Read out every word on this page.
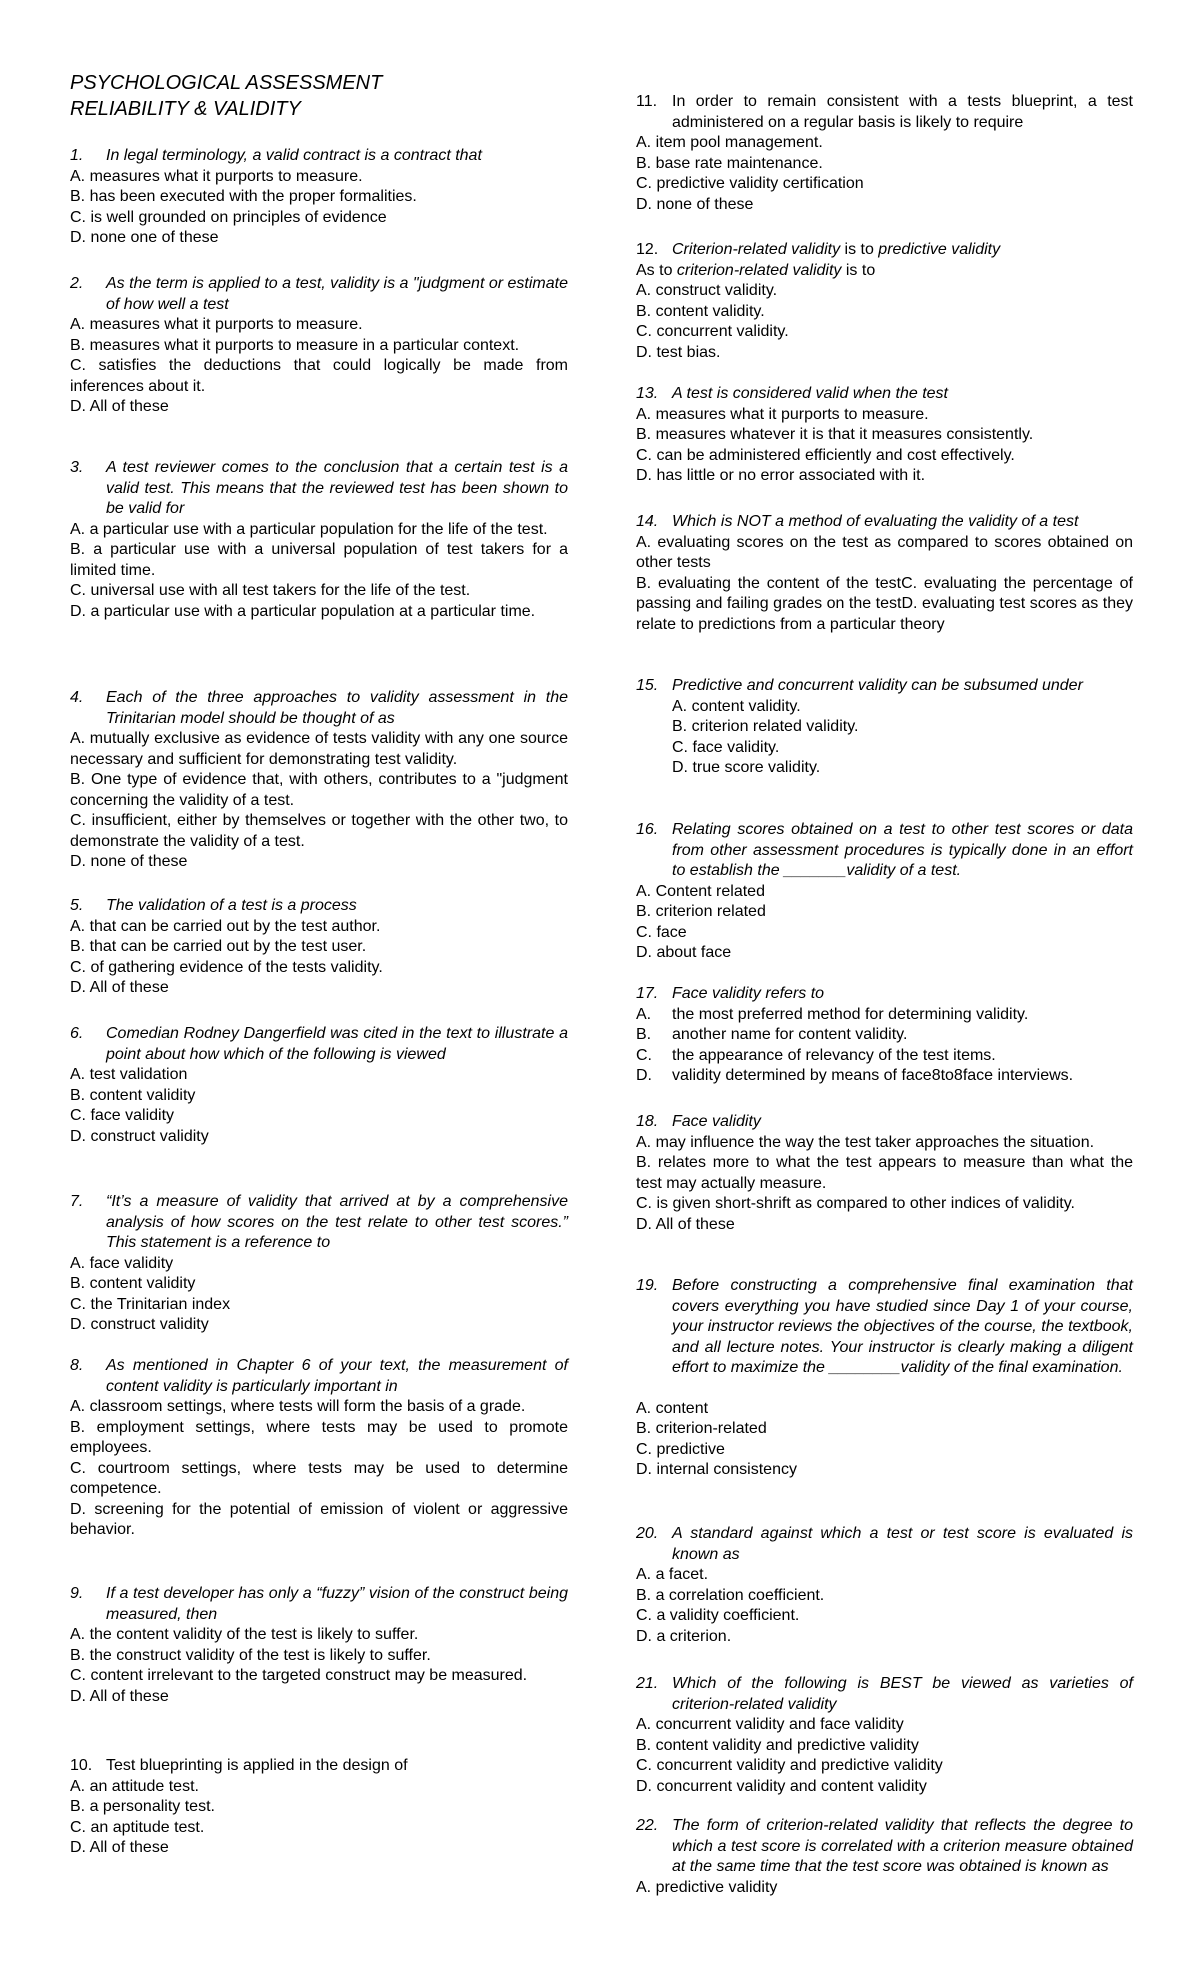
PSYCHOLOGICAL ASSESSMENT
RELIABILITY & VALIDITY
1.	In legal terminology, a valid contract is a contract that
A. measures what it purports to measure.
B. has been executed with the proper formalities.
C. is well grounded on principles of evidence
D. none one of these
2.	As the term is applied to a test, validity is a "judgment or estimate of how well a test
A. measures what it purports to measure.
B. measures what it purports to measure in a particular context.
C. satisfies the deductions that could logically be made from inferences about it.
D. All of these
3.	A test reviewer comes to the conclusion that a certain test is a valid test. This means that the reviewed test has been shown to be valid for
A. a particular use with a particular population for the life of the test.
B. a particular use with a universal population of test takers for a limited time.
C. universal use with all test takers for the life of the test.
D. a particular use with a particular population at a particular time.
4.	Each of the three approaches to validity assessment in the Trinitarian model should be thought of as
A. mutually exclusive as evidence of tests validity with any one source necessary and sufficient for demonstrating test validity.
B. One type of evidence that, with others, contributes to a "judgment concerning the validity of a test.
C. insufficient, either by themselves or together with the other two, to demonstrate the validity of a test.
D. none of these
5.	The validation of a test is a process
A. that can be carried out by the test author.
B. that can be carried out by the test user.
C. of gathering evidence of the tests validity.
D. All of these
6.	Comedian Rodney Dangerfield was cited in the text to illustrate a point about how which of the following is viewed
A. test validation
B. content validity
C. face validity
D. construct validity
7.	“It’s a measure of validity that arrived at by a comprehensive analysis of how scores on the test relate to other test scores.” This statement is a reference to
A. face validity
B. content validity
C. the Trinitarian index
D. construct validity
8.	As mentioned in Chapter 6 of your text, the measurement of content validity is particularly important in
A. classroom settings, where tests will form the basis of a grade.
B. employment settings, where tests may be used to promote employees.
C. courtroom settings, where tests may be used to determine competence.
D. screening for the potential of emission of violent or aggressive behavior.
9.	If a test developer has only a “fuzzy” vision of the construct being measured, then
A. the content validity of the test is likely to suffer.
B. the construct validity of the test is likely to suffer.
C. content irrelevant to the targeted construct may be measured.
D. All of these
10. Test blueprinting is applied in the design of
A. an attitude test.
B. a personality test.
C. an aptitude test.
D. All of these
11. In order to remain consistent with a tests blueprint, a test administered on a regular basis is likely to require
A. item pool management.
B. base rate maintenance.
C. predictive validity certification
D. none of these
12. Criterion-related validity is to predictive validity
As to criterion-related validity is to
A. construct validity.
B. content validity.
C. concurrent validity.
D. test bias.
13. A test is considered valid when the test
A. measures what it purports to measure.
B. measures whatever it is that it measures consistently.
C. can be administered efficiently and cost effectively.
D. has little or no error associated with it.
14. Which is NOT a method of evaluating the validity of a test
A. evaluating scores on the test as compared to scores obtained on other tests
B. evaluating the content of the testC. evaluating the percentage of passing and failing grades on the testD. evaluating test scores as they relate to predictions from a particular theory
15. Predictive and concurrent validity can be subsumed under
A. content validity.
B. criterion related validity.
C. face validity.
D. true score validity.
16. Relating scores obtained on a test to other test scores or data from other assessment procedures is typically done in an effort to establish the _______validity of a test.
A. Content related
B. criterion related
C. face
D. about face
17. Face validity refers to
A.	the most preferred method for determining validity.
B.	another name for content validity.
C.	the appearance of relevancy of the test items.
D.	validity determined by means of face8to8face interviews.
18. Face validity
A. may influence the way the test taker approaches the situation.
B. relates more to what the test appears to measure than what the test may actually measure.
C. is given short-shrift as compared to other indices of validity.
D. All of these
19. Before constructing a comprehensive final examination that covers everything you have studied since Day 1 of your course, your instructor reviews the objectives of the course, the textbook, and all lecture notes. Your instructor is clearly making a diligent effort to maximize the ________validity of the final examination.
A. content
B. criterion-related
C. predictive
D. internal consistency
20. A standard against which a test or test score is evaluated is known as
A. a facet.
B. a correlation coefficient.
C. a validity coefficient.
D. a criterion.
21. Which of the following is BEST be viewed as varieties of criterion-related validity
A. concurrent validity and face validity
B. content validity and predictive validity
C. concurrent validity and predictive validity
D. concurrent validity and content validity
22. The form of criterion-related validity that reflects the degree to which a test score is correlated with a criterion measure obtained at the same time that the test score was obtained is known as
A. predictive validity
